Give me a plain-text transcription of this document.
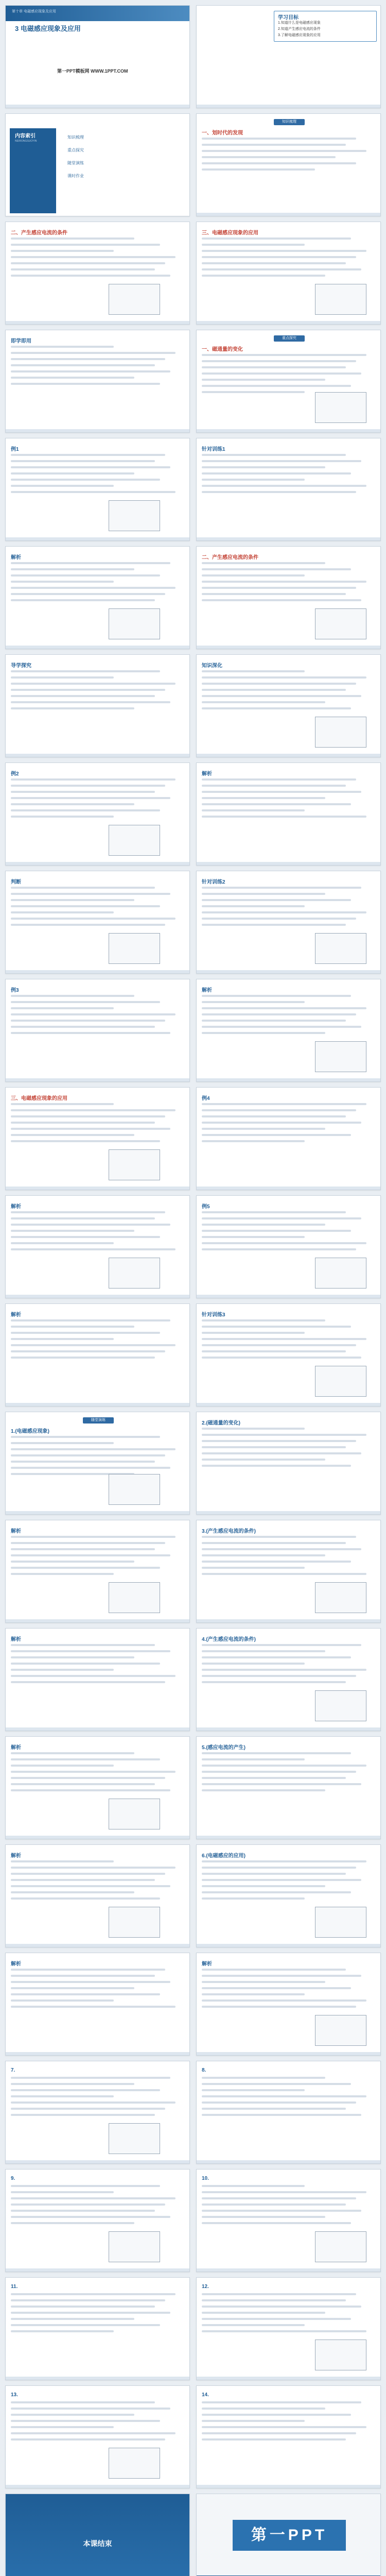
第十章 电磁感应现象及应用
3 电磁感应现象及应用
第一PPT模板网 WWW.1PPT.COM
学习目标
1.知道什么是电磁感应现象
2.知道产生感应电流的条件
3.了解电磁感应现象的应用
内容索引
NEIRONGSUOYIN
知识梳理
重点探究
随堂演练
课时作业
知识梳理
一、划时代的发现
二、产生感应电流的条件	三、电磁感应现象的应用
即学即用
重点探究
一、磁通量的变化
例1	针对训练1
解析	二、产生感应电流的条件
导学探究	知识深化
例2	解析
判断	针对训练2
例3	解析
三、电磁感应现象的应用	例4
解析	例5
解析	针对训练3
随堂演练
1.(电磁感应现象)
2.(磁通量的变化)
解析	3.(产生感应电流的条件)
解析	4.(产生感应电流的条件)
解析	5.(感应电流的产生)
解析	6.(电磁感应的应用)
解析	解析
7.	8.
9.	10.
11.	12.
13.	14.
本课结束	第一PPT
